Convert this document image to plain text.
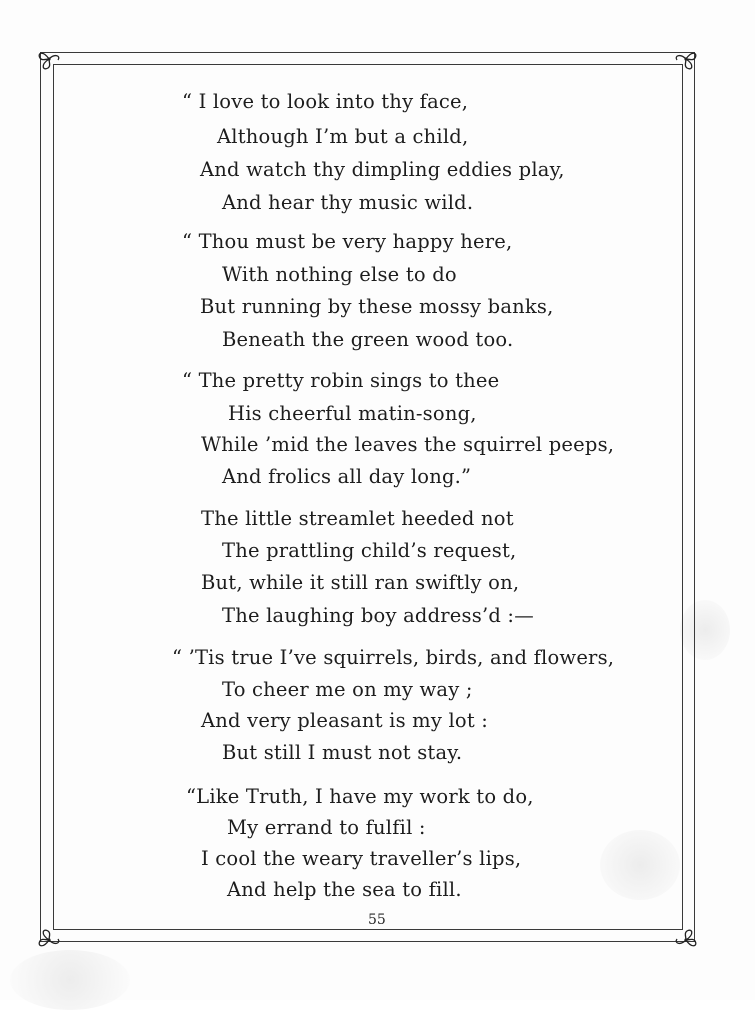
“ I love to look into thy face,
Although I’m but a child,
And watch thy dimpling eddies play,
And hear thy music wild.
“ Thou must be very happy here,
With nothing else to do
But running by these mossy banks,
Beneath the green wood too.
“ The pretty robin sings to thee
His cheerful matin-song,
While ’mid the leaves the squirrel peeps,
And frolics all day long.”
The little streamlet heeded not
The prattling child’s request,
But, while it still ran swiftly on,
The laughing boy address’d :—
“ ’Tis true I’ve squirrels, birds, and flowers,
To cheer me on my way ;
And very pleasant is my lot :
But still I must not stay.
“Like Truth, I have my work to do,
My errand to fulfil :
I cool the weary traveller’s lips,
And help the sea to fill.
55
